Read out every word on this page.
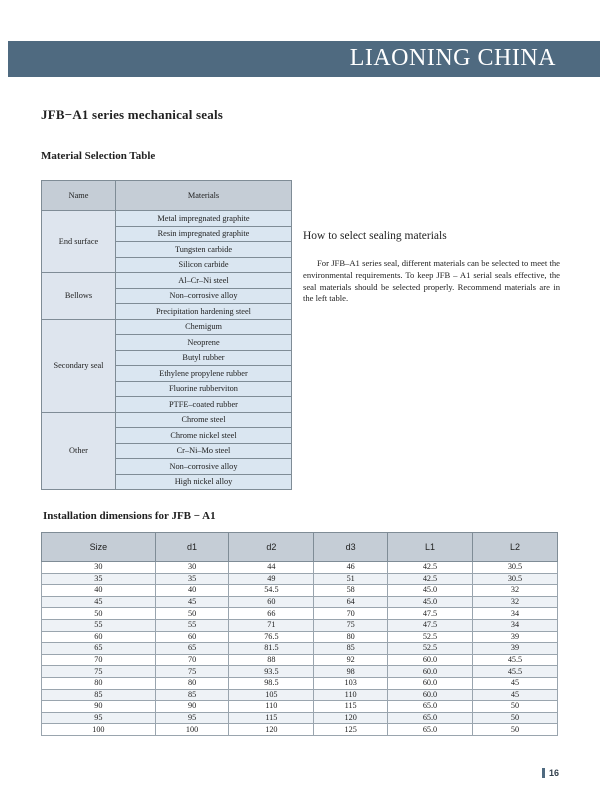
LIAONING CHINA
JFB−A1 series mechanical seals
Material Selection Table
Name	Materials
End surface	Metal impregnated graphite
	Resin impregnated graphite
	Tungsten carbide
	Silicon carbide
Bellows	Al–Cr–Ni steel
	Non–corrosive alloy
	Precipitation hardening steel
Secondary seal	Chemigum
	Neoprene
	Butyl rubber
	Ethylene propylene rubber
	Fluorine rubberviton
	PTFE–coated rubber
Other	Chrome steel
	Chrome nickel steel
	Cr–Ni–Mo steel
	Non–corrosive alloy
	High nickel alloy
How to select sealing materials
For JFB–A1 series seal, different materials can be selected to meet the environmental requirements. To keep JFB – A1 serial seals effective, the seal materials should be selected properly. Recommend materials are in the left table.
Installation dimensions for JFB − A1
Size	d1	d2	d3	L1	L2
30	30	44	46	42.5	30.5
35	35	49	51	42.5	30.5
40	40	54.5	58	45.0	32
45	45	60	64	45.0	32
50	50	66	70	47.5	34
55	55	71	75	47.5	34
60	60	76.5	80	52.5	39
65	65	81.5	85	52.5	39
70	70	88	92	60.0	45.5
75	75	93.5	98	60.0	45.5
80	80	98.5	103	60.0	45
85	85	105	110	60.0	45
90	90	110	115	65.0	50
95	95	115	120	65.0	50
100	100	120	125	65.0	50
16
